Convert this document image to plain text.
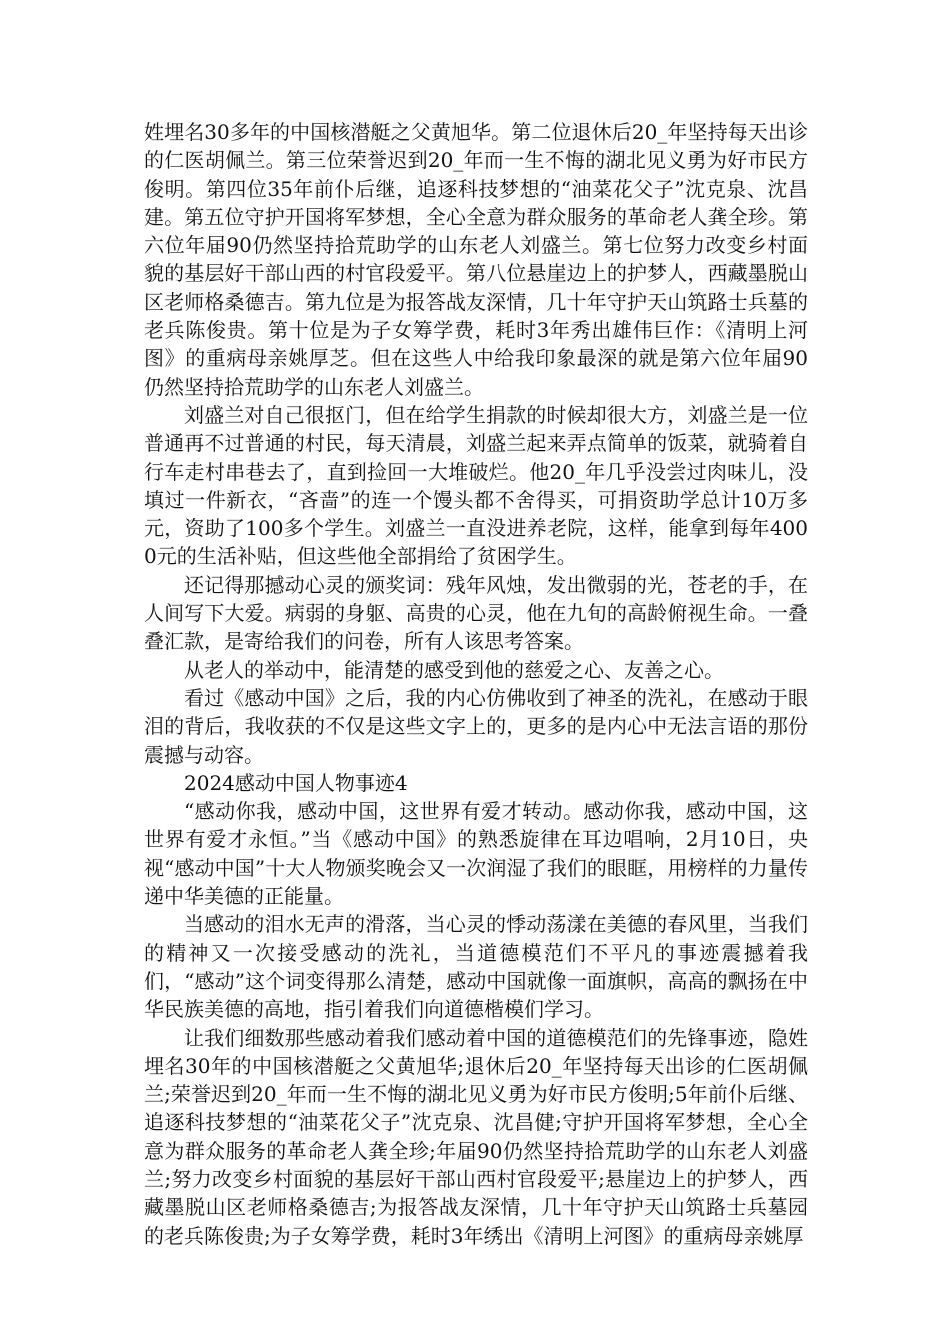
姓埋名30多年的中国核潜艇之父黄旭华。第二位退休后20_年坚持每天出诊的仁医胡佩兰。第三位荣誉迟到20_年而一生不悔的湖北见义勇为好市民方俊明。第四位35年前仆后继，追逐科技梦想的“油菜花父子”沈克泉、沈昌建。第五位守护开国将军梦想，全心全意为群众服务的革命老人龚全珍。第六位年届90仍然坚持拾荒助学的山东老人刘盛兰。第七位努力改变乡村面貌的基层好干部山西的村官段爱平。第八位悬崖边上的护梦人，西藏墨脱山区老师格桑德吉。第九位是为报答战友深情，几十年守护天山筑路士兵墓的老兵陈俊贵。第十位是为子女筹学费，耗时3年秀出雄伟巨作：《清明上河图》的重病母亲姚厚芝。但在这些人中给我印象最深的就是第六位年届90仍然坚持拾荒助学的山东老人刘盛兰。

刘盛兰对自己很抠门，但在给学生捐款的时候却很大方，刘盛兰是一位普通再不过普通的村民，每天清晨，刘盛兰起来弄点简单的饭菜，就骑着自行车走村串巷去了，直到捡回一大堆破烂。他20_年几乎没尝过肉味儿，没填过一件新衣，“吝啬”的连一个馒头都不舍得买，可捐资助学总计10万多元，资助了100多个学生。刘盛兰一直没进养老院，这样，能拿到每年4000元的生活补贴，但这些他全部捐给了贫困学生。

还记得那撼动心灵的颁奖词：残年风烛，发出微弱的光，苍老的手，在人间写下大爱。病弱的身躯、高贵的心灵，他在九旬的高龄俯视生命。一叠叠汇款，是寄给我们的问卷，所有人该思考答案。

从老人的举动中，能清楚的感受到他的慈爱之心、友善之心。

看过《感动中国》之后，我的内心仿佛收到了神圣的洗礼，在感动于眼泪的背后，我收获的不仅是这些文字上的，更多的是内心中无法言语的那份震撼与动容。

2024感动中国人物事迹4

“感动你我，感动中国，这世界有爱才转动。感动你我，感动中国，这世界有爱才永恒。”当《感动中国》的熟悉旋律在耳边唱响，2月10日，央视“感动中国”十大人物颁奖晚会又一次润湿了我们的眼眶，用榜样的力量传递中华美德的正能量。

当感动的泪水无声的滑落，当心灵的悸动荡漾在美德的春风里，当我们的精神又一次接受感动的洗礼，当道德模范们不平凡的事迹震撼着我们，“感动”这个词变得那么清楚，感动中国就像一面旗帜，高高的飘扬在中华民族美德的高地，指引着我们向道德楷模们学习。

让我们细数那些感动着我们感动着中国的道德模范们的先锋事迹，隐姓埋名30年的中国核潜艇之父黄旭华;退休后20_年坚持每天出诊的仁医胡佩兰;荣誉迟到20_年而一生不悔的湖北见义勇为好市民方俊明;5年前仆后继、追逐科技梦想的“油菜花父子”沈克泉、沈昌健;守护开国将军梦想，全心全意为群众服务的革命老人龚全珍;年届90仍然坚持拾荒助学的山东老人刘盛兰;努力改变乡村面貌的基层好干部山西村官段爱平;悬崖边上的护梦人，西藏墨脱山区老师格桑德吉;为报答战友深情，几十年守护天山筑路士兵墓园的老兵陈俊贵;为子女筹学费，耗时3年绣出《清明上河图》的重病母亲姚厚
